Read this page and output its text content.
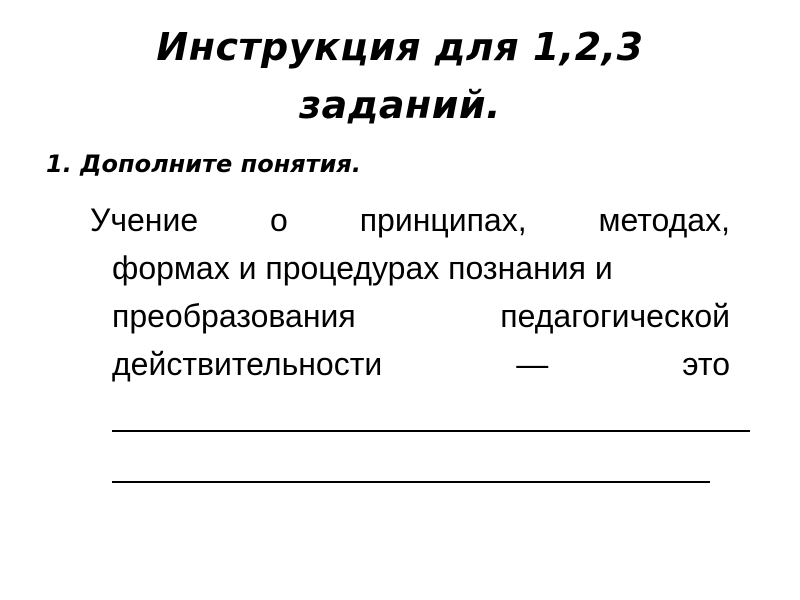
Инструкция для 1,2,3
заданий.
1. Дополните понятия.
Учение о принципах, методах,
формах и процедурах познания и
преобразования	педагогической
действительности	—	это
